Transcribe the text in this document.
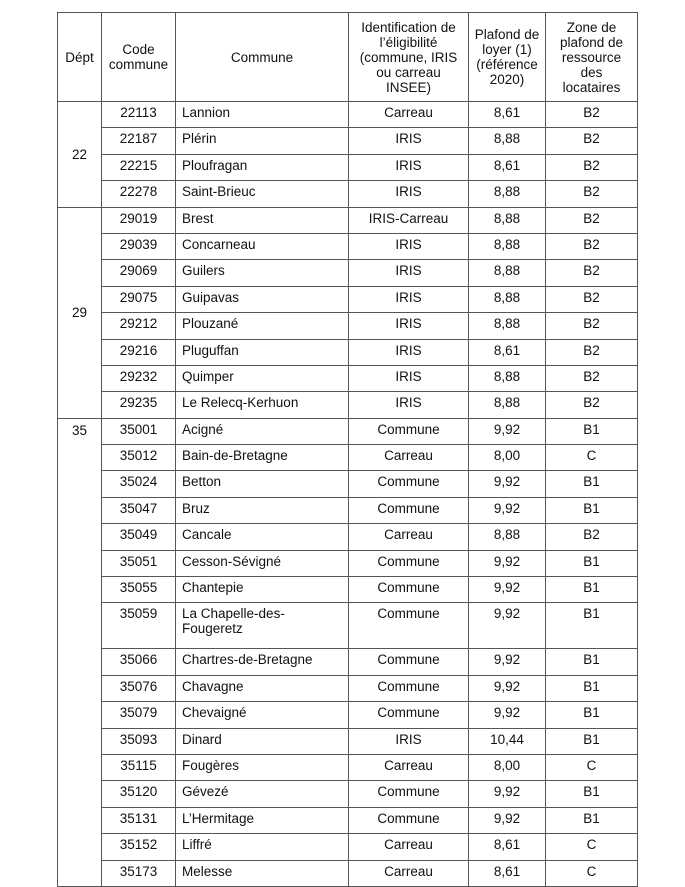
Dépt	Code commune	Commune	Identification de l’éligibilité (commune, IRIS ou carreau INSEE)	Plafond de loyer (1) (référence 2020)	Zone de plafond de ressource des locataires
22	22113	Lannion	Carreau	8,61	B2
	22187	Plérin	IRIS	8,88	B2
	22215	Ploufragan	IRIS	8,61	B2
	22278	Saint-Brieuc	IRIS	8,88	B2
29	29019	Brest	IRIS-Carreau	8,88	B2
	29039	Concarneau	IRIS	8,88	B2
	29069	Guilers	IRIS	8,88	B2
	29075	Guipavas	IRIS	8,88	B2
	29212	Plouzané	IRIS	8,88	B2
	29216	Pluguffan	IRIS	8,61	B2
	29232	Quimper	IRIS	8,88	B2
	29235	Le Relecq-Kerhuon	IRIS	8,88	B2
35	35001	Acigné	Commune	9,92	B1
	35012	Bain-de-Bretagne	Carreau	8,00	C
	35024	Betton	Commune	9,92	B1
	35047	Bruz	Commune	9,92	B1
	35049	Cancale	Carreau	8,88	B2
	35051	Cesson-Sévigné	Commune	9,92	B1
	35055	Chantepie	Commune	9,92	B1
	35059	La Chapelle-des-Fougeretz	Commune	9,92	B1
	35066	Chartres-de-Bretagne	Commune	9,92	B1
	35076	Chavagne	Commune	9,92	B1
	35079	Chevaigné	Commune	9,92	B1
	35093	Dinard	IRIS	10,44	B1
	35115	Fougères	Carreau	8,00	C
	35120	Gévezé	Commune	9,92	B1
	35131	L’Hermitage	Commune	9,92	B1
	35152	Liffré	Carreau	8,61	C
	35173	Melesse	Carreau	8,61	C
